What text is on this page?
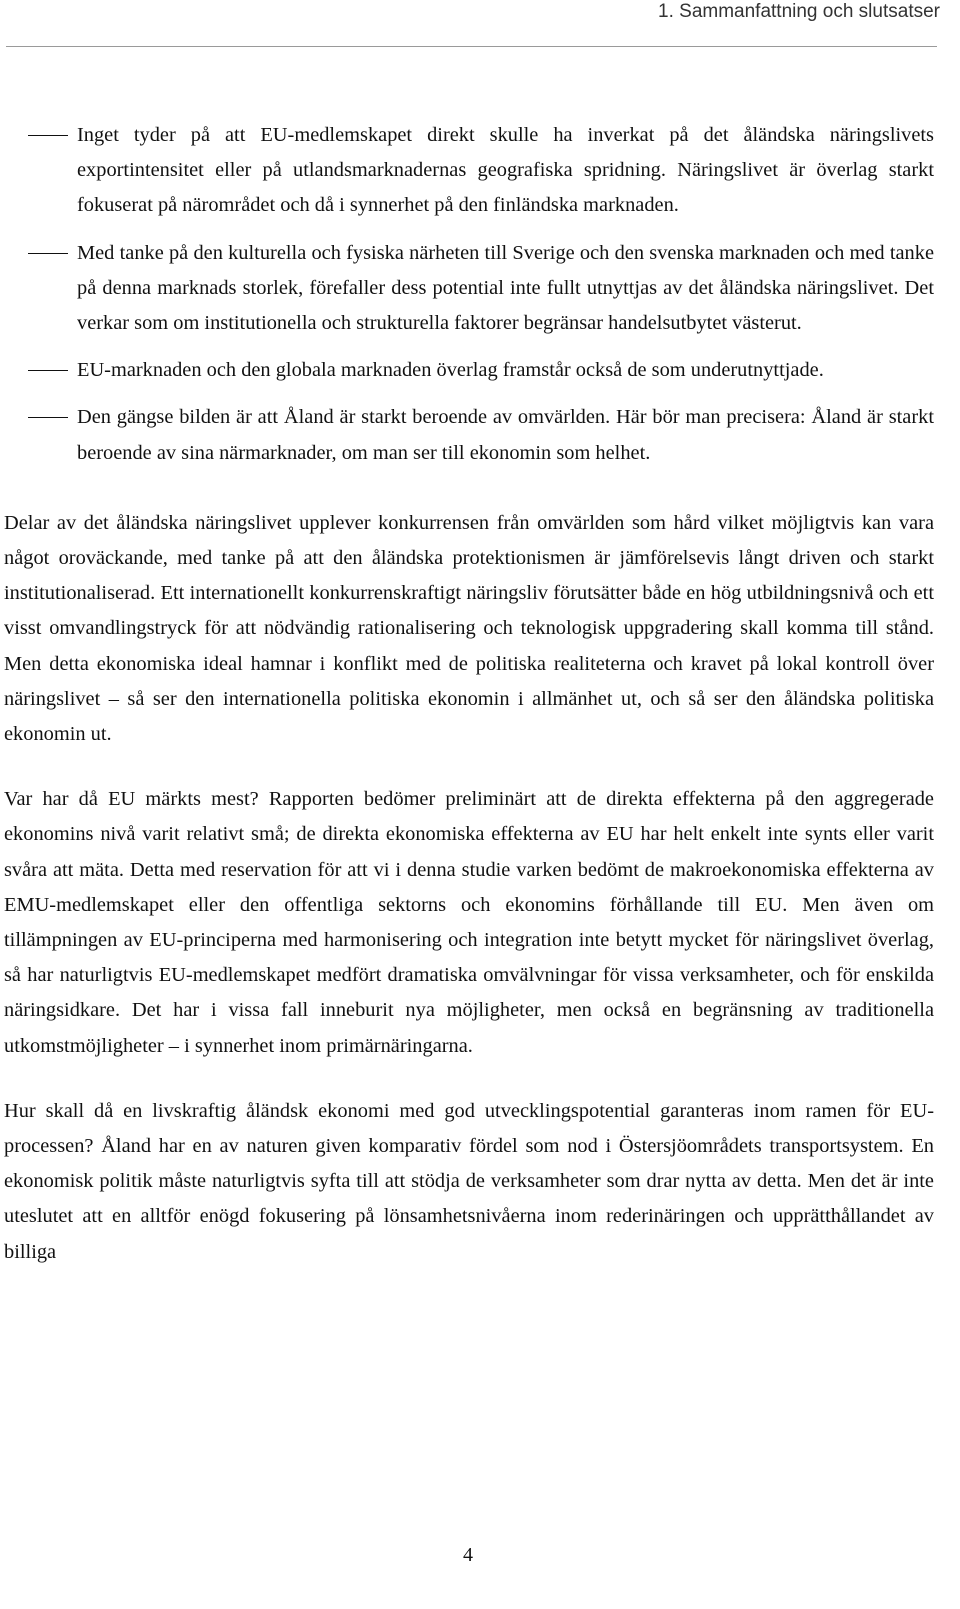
1. Sammanfattning och slutsatser
Inget tyder på att EU-medlemskapet direkt skulle ha inverkat på det åländska näringslivets exportintensitet eller på utlandsmarknadernas geografiska spridning. Näringslivet är överlag starkt fokuserat på närområdet och då i synnerhet på den finländska marknaden.
Med tanke på den kulturella och fysiska närheten till Sverige och den svenska marknaden och med tanke på denna marknads storlek, förefaller dess potential inte fullt utnyttjas av det åländska näringslivet. Det verkar som om institutionella och strukturella faktorer begränsar handelsutbytet västerut.
EU-marknaden och den globala marknaden överlag framstår också de som underutnyttjade.
Den gängse bilden är att Åland är starkt beroende av omvärlden. Här bör man precisera: Åland är starkt beroende av sina närmarknader, om man ser till ekonomin som helhet.

Delar av det åländska näringslivet upplever konkurrensen från omvärlden som hård vilket möjligtvis kan vara något oroväckande, med tanke på att den åländska protektionismen är jämförelsevis långt driven och starkt institutionaliserad. Ett internationellt konkurrenskraftigt näringsliv förutsätter både en hög utbildningsnivå och ett visst omvandlingstryck för att nödvändig rationalisering och teknologisk uppgradering skall komma till stånd. Men detta ekonomiska ideal hamnar i konflikt med de politiska realiteterna och kravet på lokal kontroll över näringslivet – så ser den internationella politiska ekonomin i allmänhet ut, och så ser den åländska politiska ekonomin ut.

Var har då EU märkts mest? Rapporten bedömer preliminärt att de direkta effekterna på den aggregerade ekonomins nivå varit relativt små; de direkta ekonomiska effekterna av EU har helt enkelt inte synts eller varit svåra att mäta. Detta med reservation för att vi i denna studie varken bedömt de makroekonomiska effekterna av EMU-medlemskapet eller den offentliga sektorns och ekonomins förhållande till EU. Men även om tillämpningen av EU-principerna med harmonisering och integration inte betytt mycket för näringslivet överlag, så har naturligtvis EU-medlemskapet medfört dramatiska omvälvningar för vissa verksamheter, och för enskilda näringsidkare. Det har i vissa fall inneburit nya möjligheter, men också en begränsning av traditionella utkomstmöjligheter – i synnerhet inom primärnäringarna.

Hur skall då en livskraftig åländsk ekonomi med god utvecklingspotential garanteras inom ramen för EU-processen? Åland har en av naturen given komparativ fördel som nod i Östersjöområdets transportsystem. En ekonomisk politik måste naturligtvis syfta till att stödja de verksamheter som drar nytta av detta. Men det är inte uteslutet att en alltför enögd fokusering på lönsamhetsnivåerna inom rederinäringen och upprätthållandet av billiga

4
